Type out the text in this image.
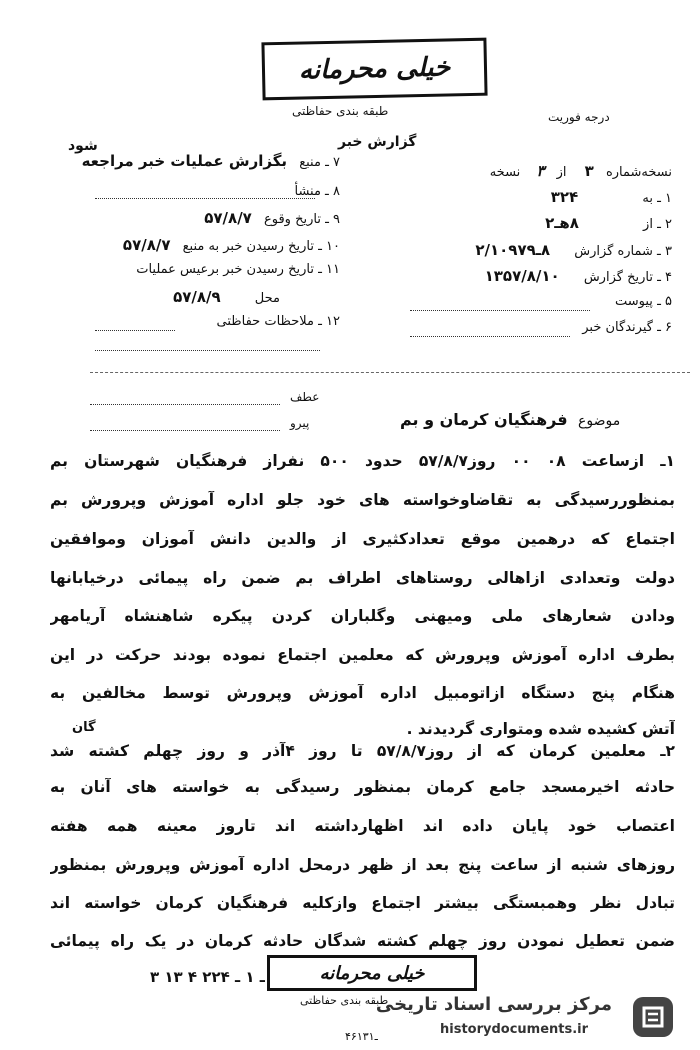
خیلی محرمانه
طبقه بندی حفاظتی	درجه فوریت
گزارش خبر
شود
نسخه‌شماره ۳ از ۳ نسخه
۱ ـ به ۳۲۴
۲ ـ از ۸هـ۲
۳ ـ شماره گزارش ۸ـ۲/۱۰۹۷۹
۴ ـ تاریخ گزارش ۱۳۵۷/۸/۱۰
۵ ـ پیوست
۶ ـ گیرندگان خبر
۷ ـ منبع بگزارش عملیات خبر مراجعه
۸ ـ منشأ
۹ ـ تاریخ وقوع ۵۷/۸/۷
۱۰ ـ تاریخ رسیدن خبر به منبع ۵۷/۸/۷
۱۱ ـ تاریخ رسیدن خبر برعیس عملیات
محل ۵۷/۸/۹
۱۲ ـ ملاحظات حفاظتی
عطف
پیرو	موضوع فرهنگیان کرمان و بم
۱ـ ازساعت ۰۸ ۰۰ روز۵۷/۸/۷ حدود ۵۰۰ نفراز فرهنگیان شهرستان بم
بمنظوررسیدگی به تقاضاوخواسته های خود جلو اداره آموزش وپرورش بم
اجتماع که درهمین موقع تعدادکثیری از والدین دانش آموزان وموافقین
دولت وتعدادی ازاهالی روستاهای اطراف بم ضمن راه پیمائی درخیابانها
ودادن شعارهای ملی ومیهنی وگلباران کردن پیکره شاهنشاه آریامهر
بطرف اداره آموزش وپرورش که معلمین اجتماع نموده بودند حرکت در این
هنگام پنج دستگاه ازاتومبیل اداره آموزش وپرورش توسط مخالفین به
آتش کشیده شده ومتواری گردیدند .
۲ـ معلمین کرمان که از روز۵۷/۸/۷ تا روز ۴آذر و روز چهلم کشته شد
حادثه اخیرمسجد جامع کرمان بمنظور رسیدگی به خواسته های آنان به
اعتصاب خود پایان داده اند اظهارداشته اند تاروز معینه همه هفته
روزهای شنبه از ساعت پنج بعد از ظهر درمحل اداره آموزش وپرورش بمنظور
تبادل نظر وهمبستگی بیشتر اجتماع وازکلیه فرهنگیان کرمان خواسته اند
ضمن تعطیل نمودن روز چهلم کشته شدگان حادثه کرمان در یک راه پیمائی
گان
خیلی محرمانه
طبقه بندی حفاظتی
۳ ۱۳ ۴ ـ ۱ ـ ۲۲۴
۴۶ـ۱۳۱
مرکز بررسی اسناد تاریخی
historydocuments.ir
